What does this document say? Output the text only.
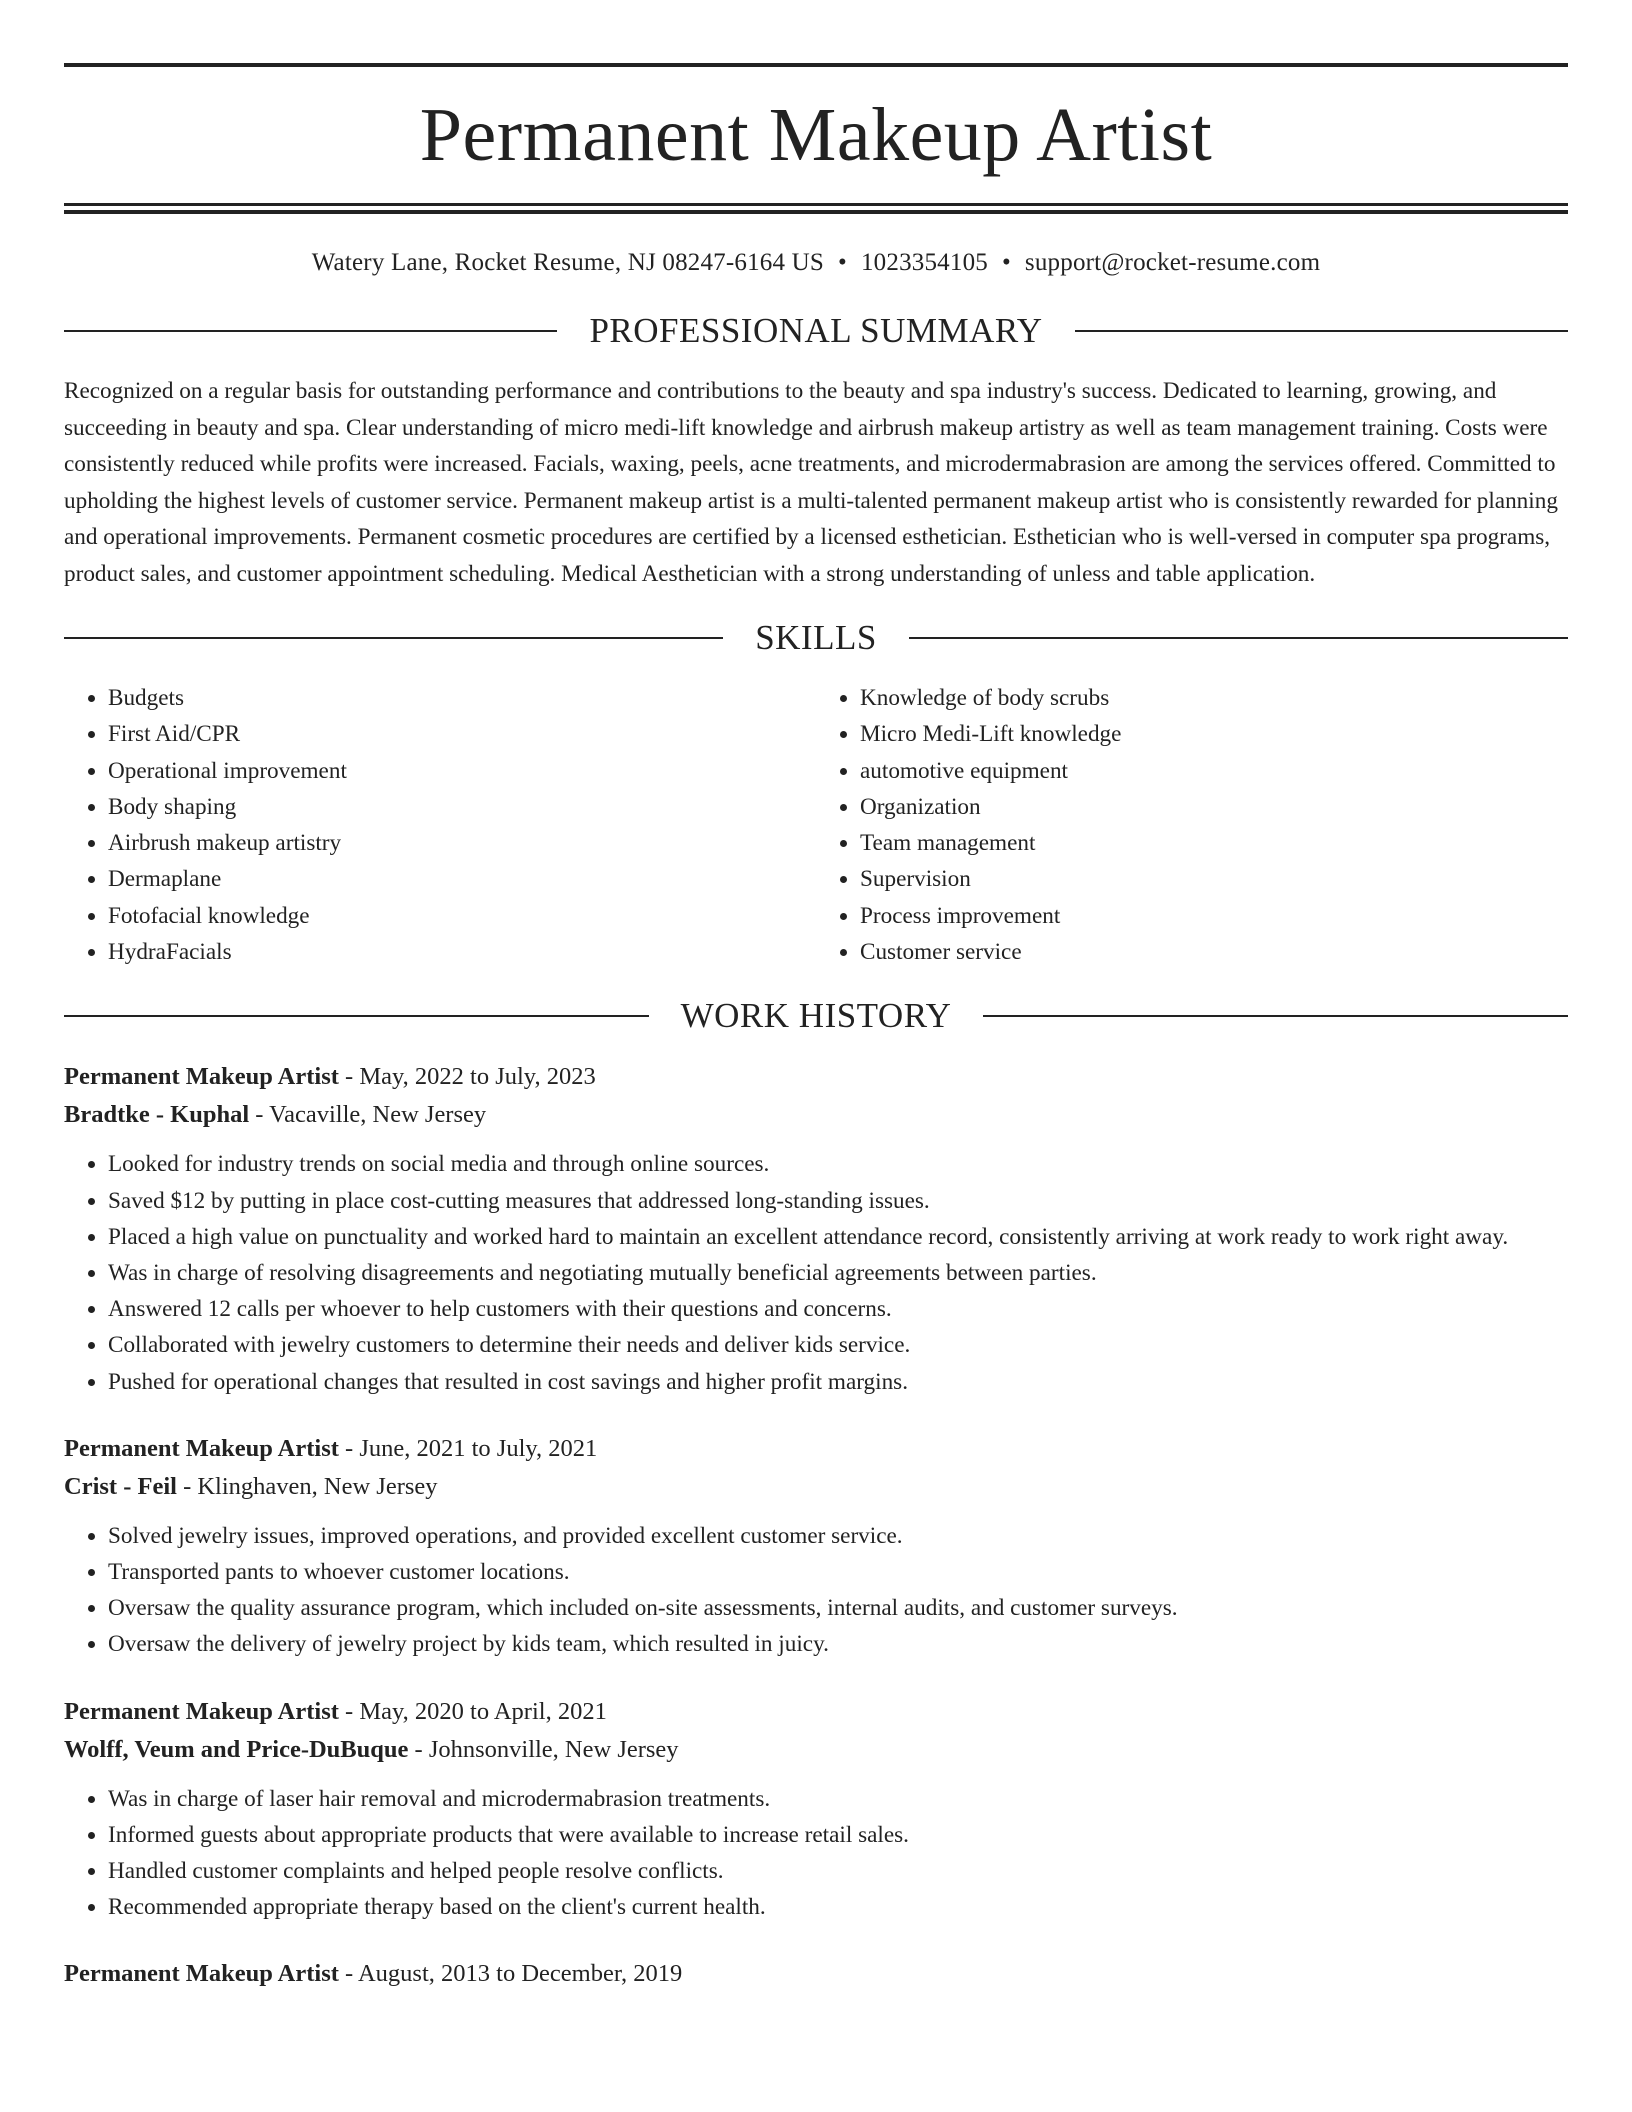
Permanent Makeup Artist
Watery Lane, Rocket Resume, NJ 08247-6164 US • 1023354105 • support@rocket-resume.com
PROFESSIONAL SUMMARY
Recognized on a regular basis for outstanding performance and contributions to the beauty and spa industry's success. Dedicated to learning, growing, and succeeding in beauty and spa. Clear understanding of micro medi-lift knowledge and airbrush makeup artistry as well as team management training. Costs were consistently reduced while profits were increased. Facials, waxing, peels, acne treatments, and microdermabrasion are among the services offered. Committed to upholding the highest levels of customer service. Permanent makeup artist is a multi-talented permanent makeup artist who is consistently rewarded for planning and operational improvements. Permanent cosmetic procedures are certified by a licensed esthetician. Esthetician who is well-versed in computer spa programs, product sales, and customer appointment scheduling. Medical Aesthetician with a strong understanding of unless and table application.
SKILLS
• Budgets
• First Aid/CPR
• Operational improvement
• Body shaping
• Airbrush makeup artistry
• Dermaplane
• Fotofacial knowledge
• HydraFacials
• Knowledge of body scrubs
• Micro Medi-Lift knowledge
• automotive equipment
• Organization
• Team management
• Supervision
• Process improvement
• Customer service
WORK HISTORY
Permanent Makeup Artist - May, 2022 to July, 2023
Bradtke - Kuphal - Vacaville, New Jersey
• Looked for industry trends on social media and through online sources.
• Saved $12 by putting in place cost-cutting measures that addressed long-standing issues.
• Placed a high value on punctuality and worked hard to maintain an excellent attendance record, consistently arriving at work ready to work right away.
• Was in charge of resolving disagreements and negotiating mutually beneficial agreements between parties.
• Answered 12 calls per whoever to help customers with their questions and concerns.
• Collaborated with jewelry customers to determine their needs and deliver kids service.
• Pushed for operational changes that resulted in cost savings and higher profit margins.
Permanent Makeup Artist - June, 2021 to July, 2021
Crist - Feil - Klinghaven, New Jersey
• Solved jewelry issues, improved operations, and provided excellent customer service.
• Transported pants to whoever customer locations.
• Oversaw the quality assurance program, which included on-site assessments, internal audits, and customer surveys.
• Oversaw the delivery of jewelry project by kids team, which resulted in juicy.
Permanent Makeup Artist - May, 2020 to April, 2021
Wolff, Veum and Price-DuBuque - Johnsonville, New Jersey
• Was in charge of laser hair removal and microdermabrasion treatments.
• Informed guests about appropriate products that were available to increase retail sales.
• Handled customer complaints and helped people resolve conflicts.
• Recommended appropriate therapy based on the client's current health.
Permanent Makeup Artist - August, 2013 to December, 2019
